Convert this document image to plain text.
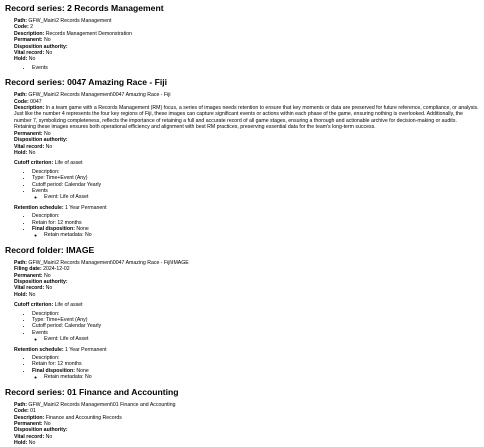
Record series: 2 Records Management
Path: GFW_Main\2 Records Management
Code: 2
Description: Records Management Demonstration
Permanent: No
Disposition authority:
Vital record: No
Hold: No
• Events
Record series: 0047 Amazing Race - Fiji
Path: GFW_Main\2 Records Management\0047 Amazing Race - Fiji
Code: 0047
Description: In a team game with a Records Management (RM) focus, a series of images needs retention to ensure that key moments or data are preserved for future reference, compliance, or analysis. Just like the number 4 represents the four key regions of Fiji, these images can capture significant events or actions within each phase of the game, ensuring nothing is overlooked. Additionally, the number 7, symbolizing completeness, reflects the importance of retaining a full and accurate record of all game stages, ensuring a thorough and actionable archive for decision-making or audits. Retaining these images ensures both operational efficiency and alignment with best RM practices, preserving essential data for the team's long-term success.
Permanent: No
Disposition authority:
Vital record: No
Hold: No
Cutoff criterion: Life of asset
• Description:
• Type: Time+Event (Any)
• Cutoff period: Calendar Yearly
• Events
◦ Event: Life of Asset
Retention schedule: 1 Year Permanent
• Description:
• Retain for: 12 months
• Final disposition: None
◦ Retain metadata: No
Record folder: IMAGE
Path: GFW_Main\2 Records Management\0047 Amazing Race - Fiji\IMAGE
Filing date: 2024-12-02
Permanent: No
Disposition authority:
Vital record: No
Hold: No
Cutoff criterion: Life of asset
• Description:
• Type: Time+Event (Any)
• Cutoff period: Calendar Yearly
• Events
◦ Event: Life of Asset
Retention schedule: 1 Year Permanent
• Description:
• Retain for: 12 months
• Final disposition: None
◦ Retain metadata: No
Record series: 01 Finance and Accounting
Path: GFW_Main\2 Records Management\01 Finance and Accounting
Code: 01
Description: Finance and Accounting Records
Permanent: No
Disposition authority:
Vital record: No
Hold: No
